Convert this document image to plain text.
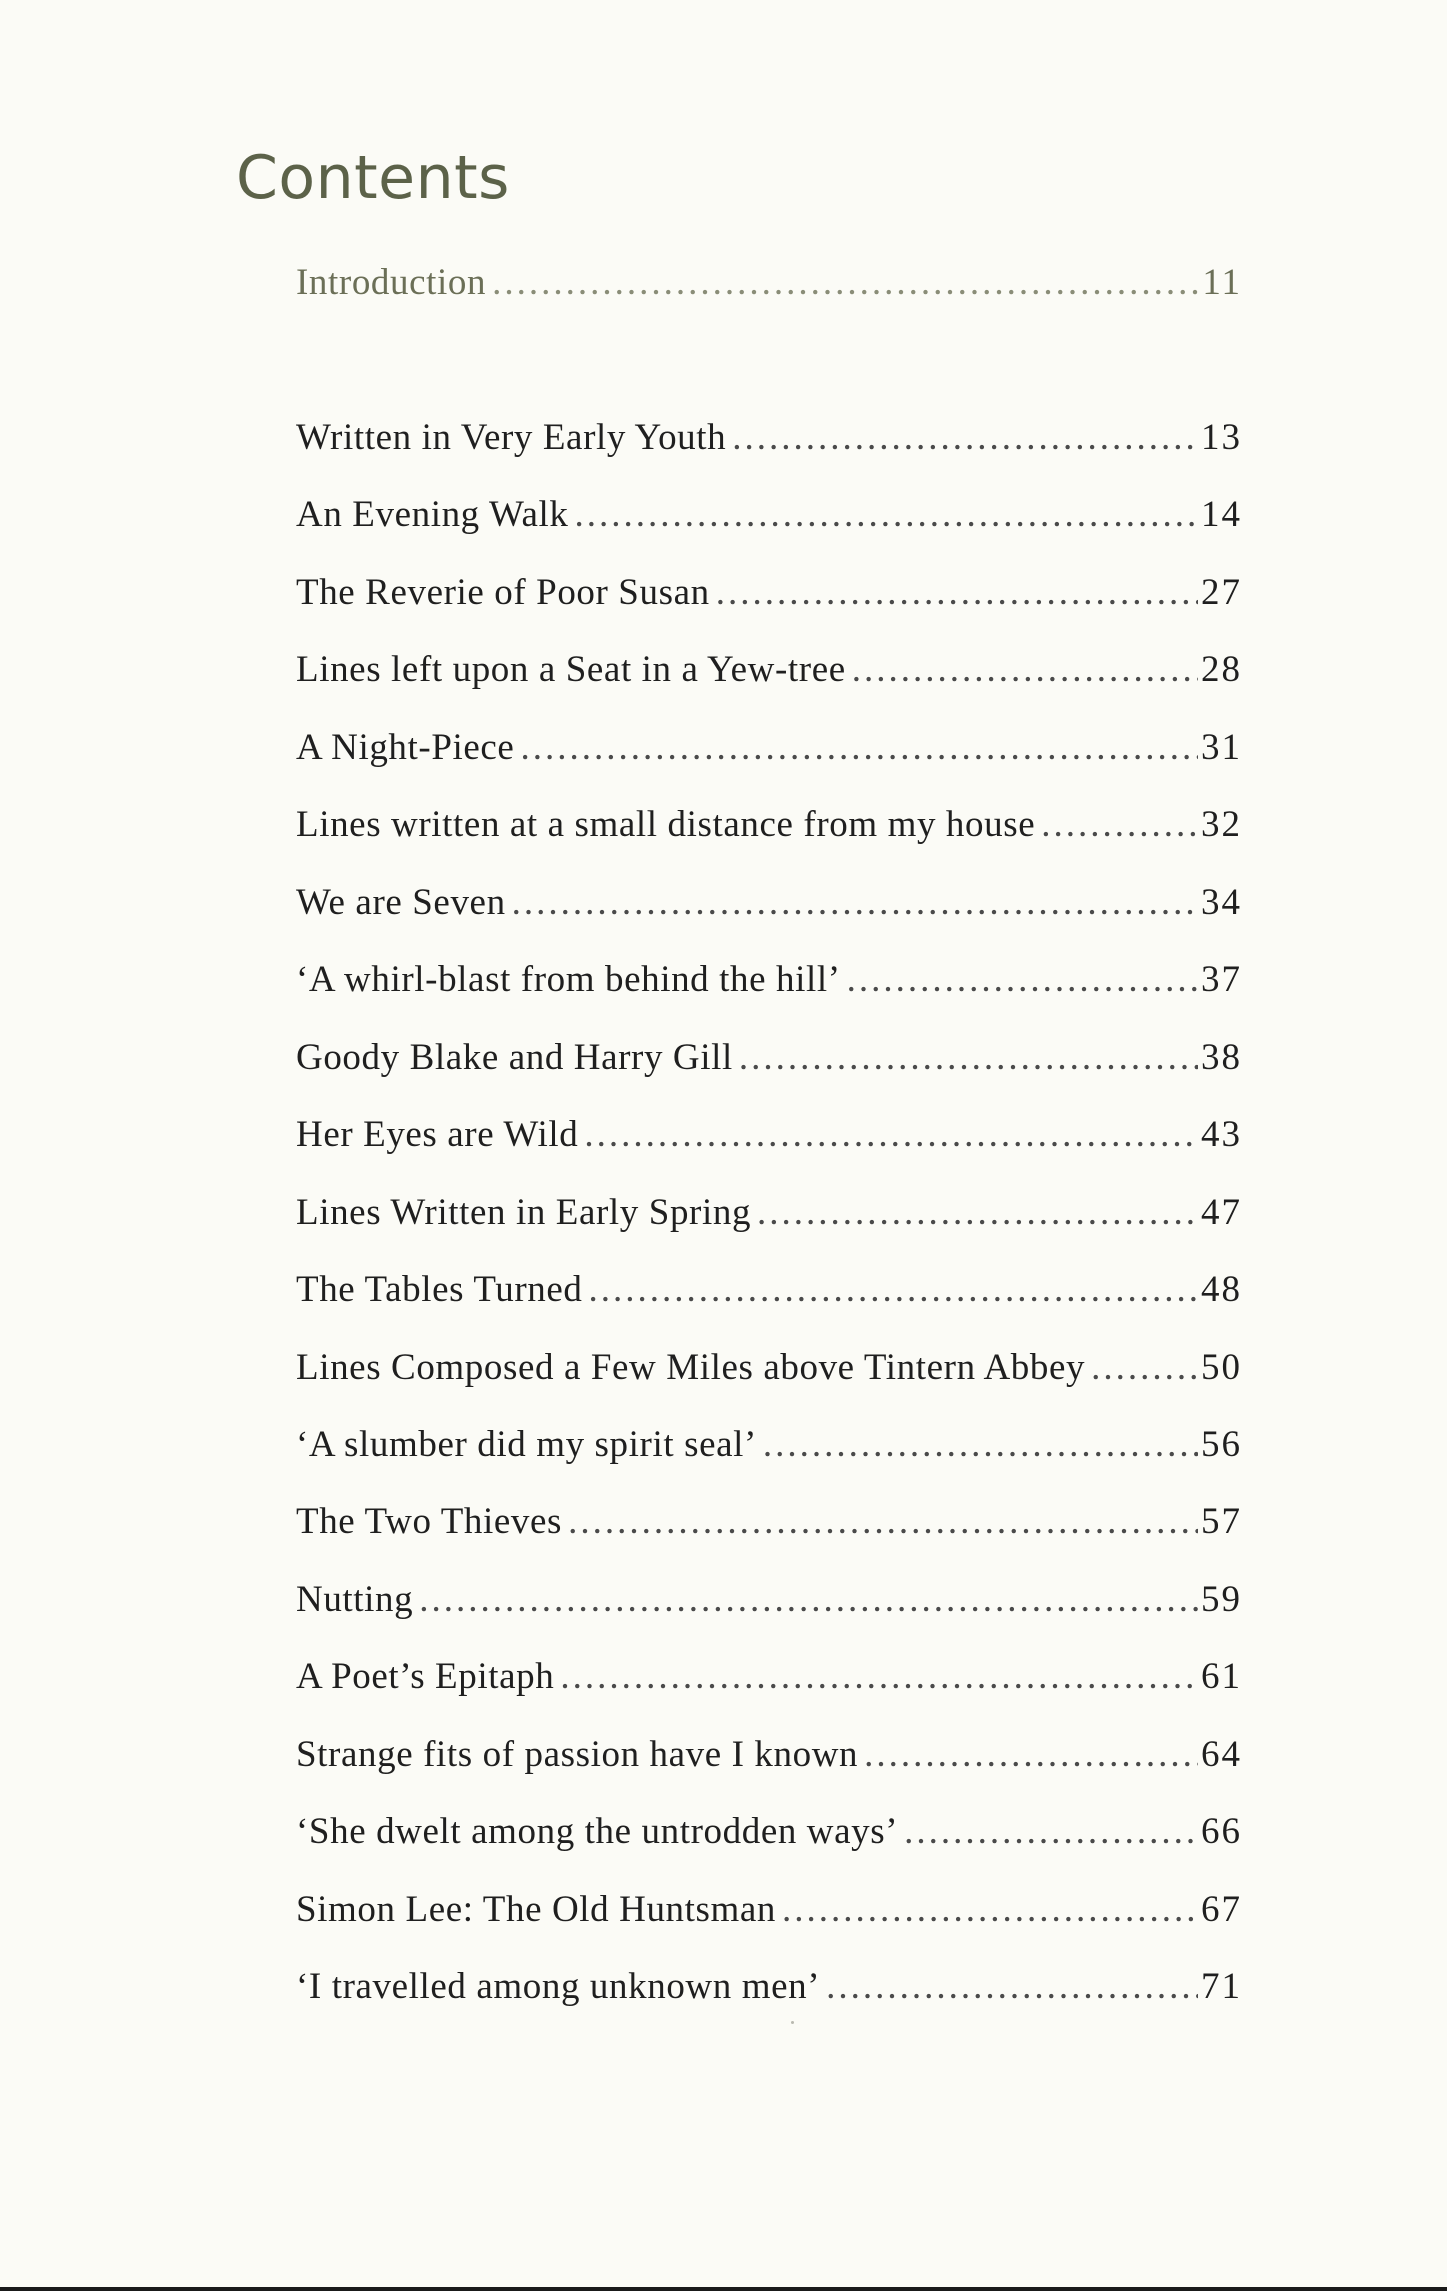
Contents
Introduction .....	11
Written in Very Early Youth .....	13
An Evening Walk .....	14
The Reverie of Poor Susan .....	27
Lines left upon a Seat in a Yew-tree .....	28
A Night-Piece .....	31
Lines written at a small distance from my house .....	32
We are Seven .....	34
‘A whirl-blast from behind the hill’ .....	37
Goody Blake and Harry Gill .....	38
Her Eyes are Wild .....	43
Lines Written in Early Spring .....	47
The Tables Turned .....	48
Lines Composed a Few Miles above Tintern Abbey .....	50
‘A slumber did my spirit seal’ .....	56
The Two Thieves .....	57
Nutting .....	59
A Poet’s Epitaph .....	61
Strange fits of passion have I known .....	64
‘She dwelt among the untrodden ways’ .....	66
Simon Lee: The Old Huntsman .....	67
‘I travelled among unknown men’ .....	71
